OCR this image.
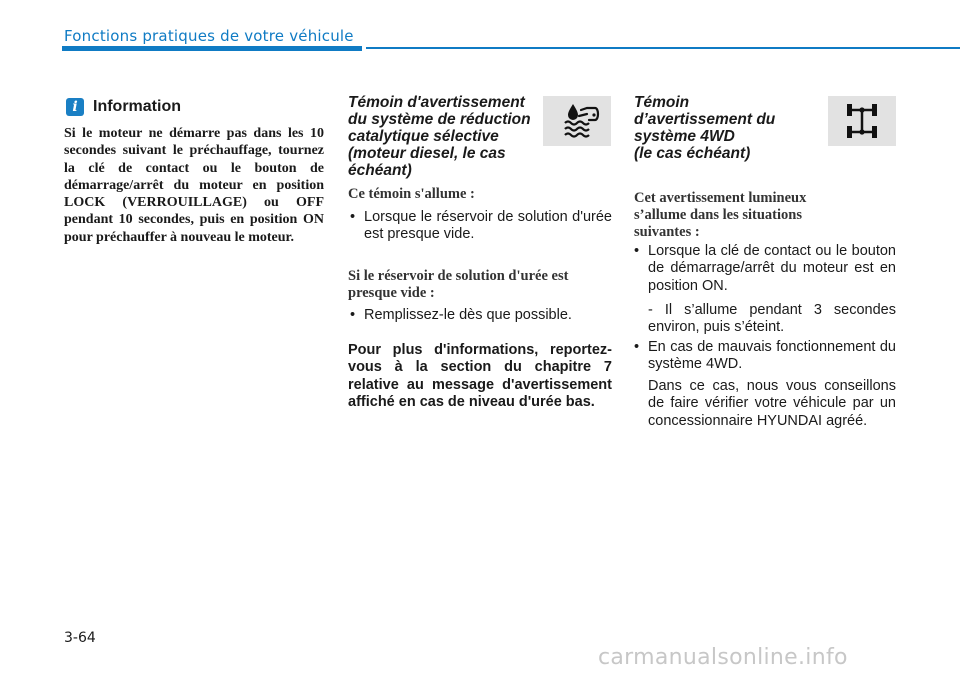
Fonctions pratiques de votre véhicule
i Information
Si le moteur ne démarre pas dans les 10 secondes suivant le préchauffage, tournez la clé de contact ou le bouton de démarrage/arrêt du moteur en position LOCK (VERROUILLAGE) ou OFF pendant 10 secondes, puis en position ON pour préchauffer à nouveau le moteur.
Témoin d'avertissement du système de réduction catalytique sélective (moteur diesel, le cas échéant)
Ce témoin s'allume :
• Lorsque le réservoir de solution d'urée est presque vide.
Si le réservoir de solution d'urée est presque vide :
• Remplissez-le dès que possible.
Pour plus d'informations, reportez-vous à la section du chapitre 7 relative au message d'avertissement affiché en cas de niveau d'urée bas.
Témoin
d’avertissement du
système 4WD
(le cas échéant)
Cet avertissement lumineux s’allume dans les situations suivantes :
• Lorsque la clé de contact ou le bouton de démarrage/arrêt du moteur est en position ON.
- Il s’allume pendant 3 secondes environ, puis s’éteint.
• En cas de mauvais fonctionnement du système 4WD.
Dans ce cas, nous vous conseillons de faire vérifier votre véhicule par un concessionnaire HYUNDAI agréé.
3-64
carmanualsonline.info
